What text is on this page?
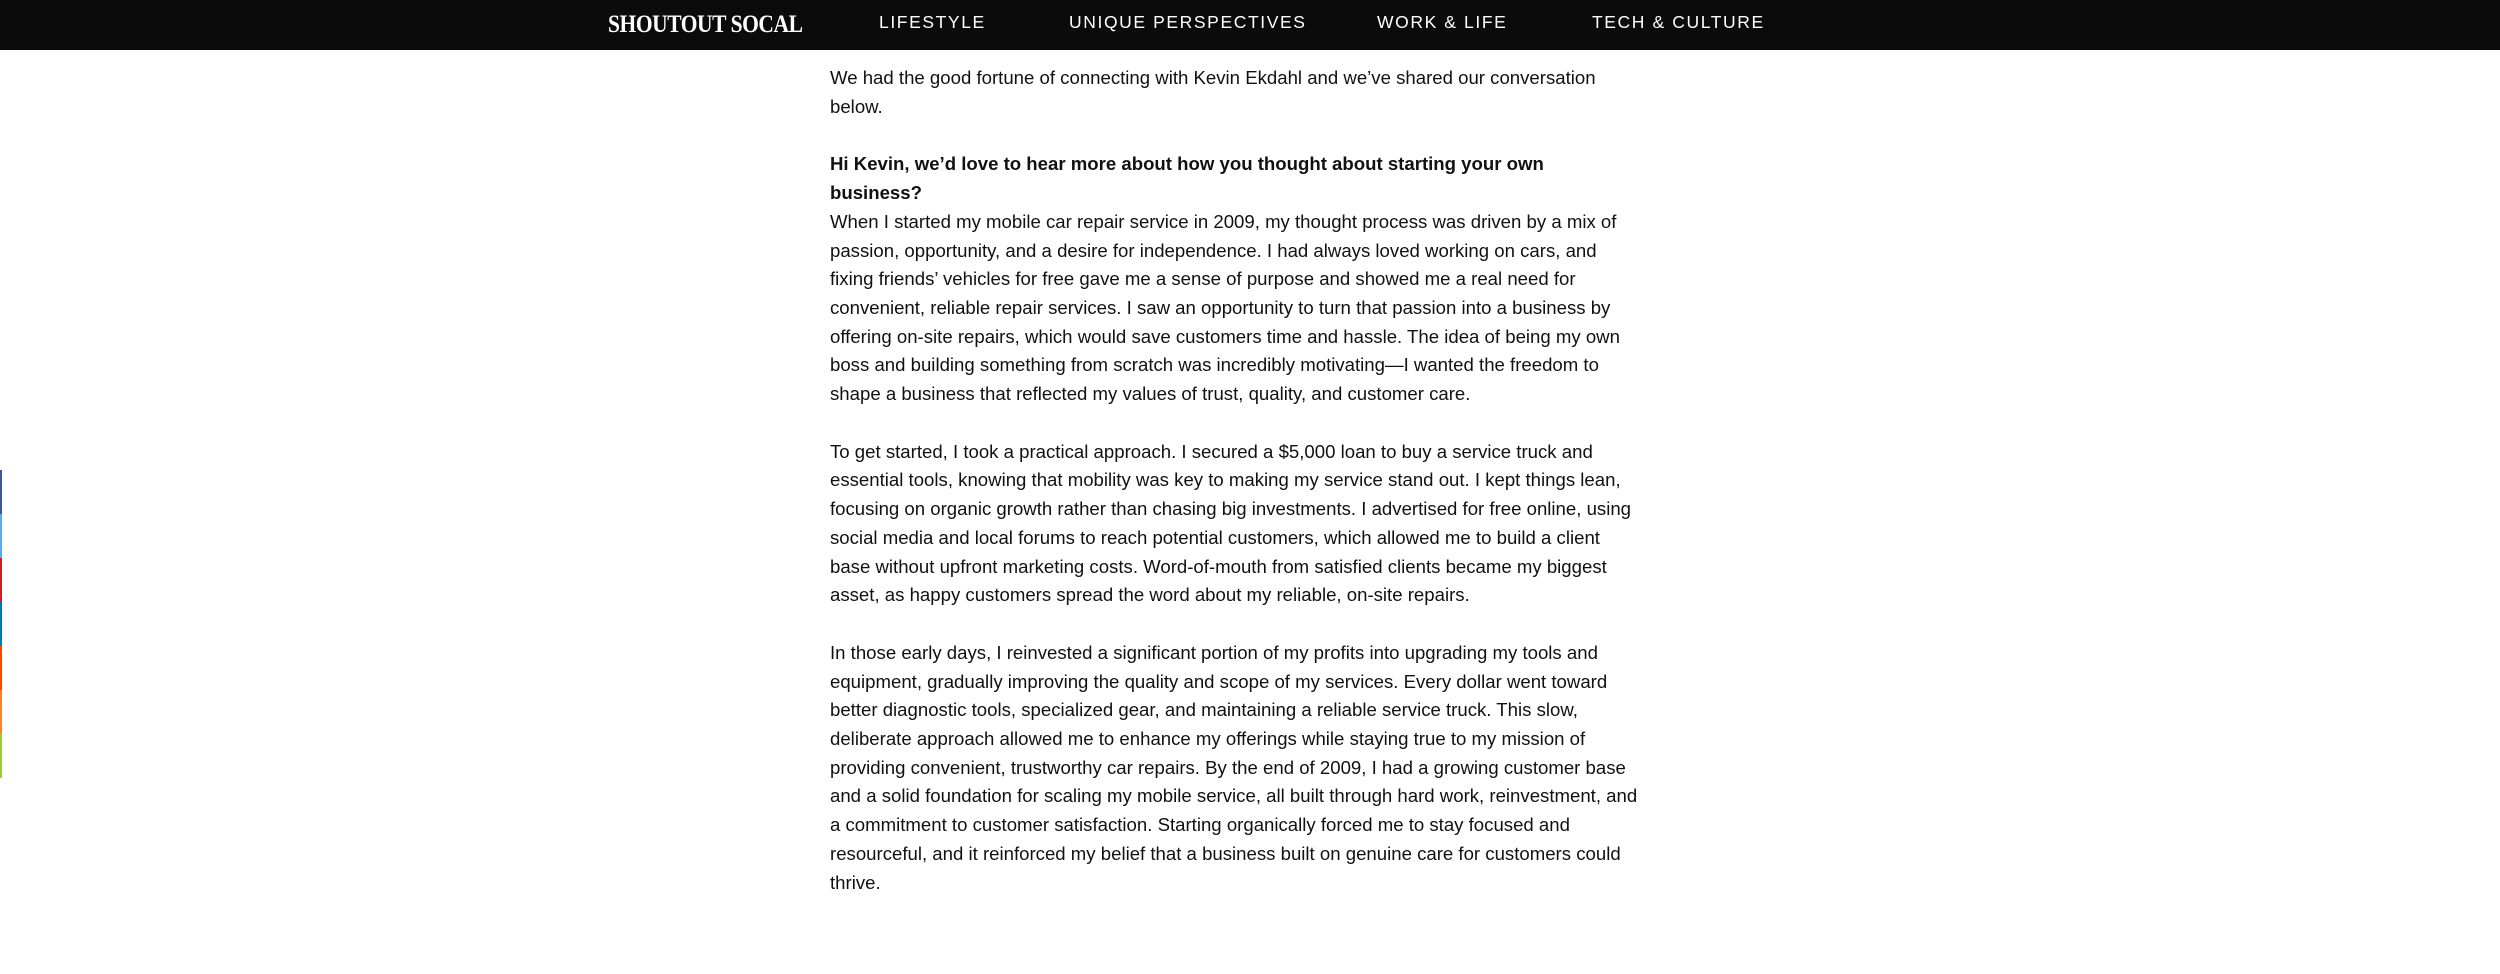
SHOUTOUT SOCAL	LIFESTYLE	UNIQUE PERSPECTIVES	WORK & LIFE	TECH & CULTURE

We had the good fortune of connecting with Kevin Ekdahl and we’ve shared our conversation below.

Hi Kevin, we’d love to hear more about how you thought about starting your own business?

When I started my mobile car repair service in 2009, my thought process was driven by a mix of passion, opportunity, and a desire for independence. I had always loved working on cars, and fixing friends’ vehicles for free gave me a sense of purpose and showed me a real need for convenient, reliable repair services. I saw an opportunity to turn that passion into a business by offering on-site repairs, which would save customers time and hassle. The idea of being my own boss and building something from scratch was incredibly motivating—I wanted the freedom to shape a business that reflected my values of trust, quality, and customer care.

To get started, I took a practical approach. I secured a $5,000 loan to buy a service truck and essential tools, knowing that mobility was key to making my service stand out. I kept things lean, focusing on organic growth rather than chasing big investments. I advertised for free online, using social media and local forums to reach potential customers, which allowed me to build a client base without upfront marketing costs. Word-of-mouth from satisfied clients became my biggest asset, as happy customers spread the word about my reliable, on-site repairs.

In those early days, I reinvested a significant portion of my profits into upgrading my tools and equipment, gradually improving the quality and scope of my services. Every dollar went toward better diagnostic tools, specialized gear, and maintaining a reliable service truck. This slow, deliberate approach allowed me to enhance my offerings while staying true to my mission of providing convenient, trustworthy car repairs. By the end of 2009, I had a growing customer base and a solid foundation for scaling my mobile service, all built through hard work, reinvestment, and a commitment to customer satisfaction. Starting organically forced me to stay focused and resourceful, and it reinforced my belief that a business built on genuine care for customers could thrive.
